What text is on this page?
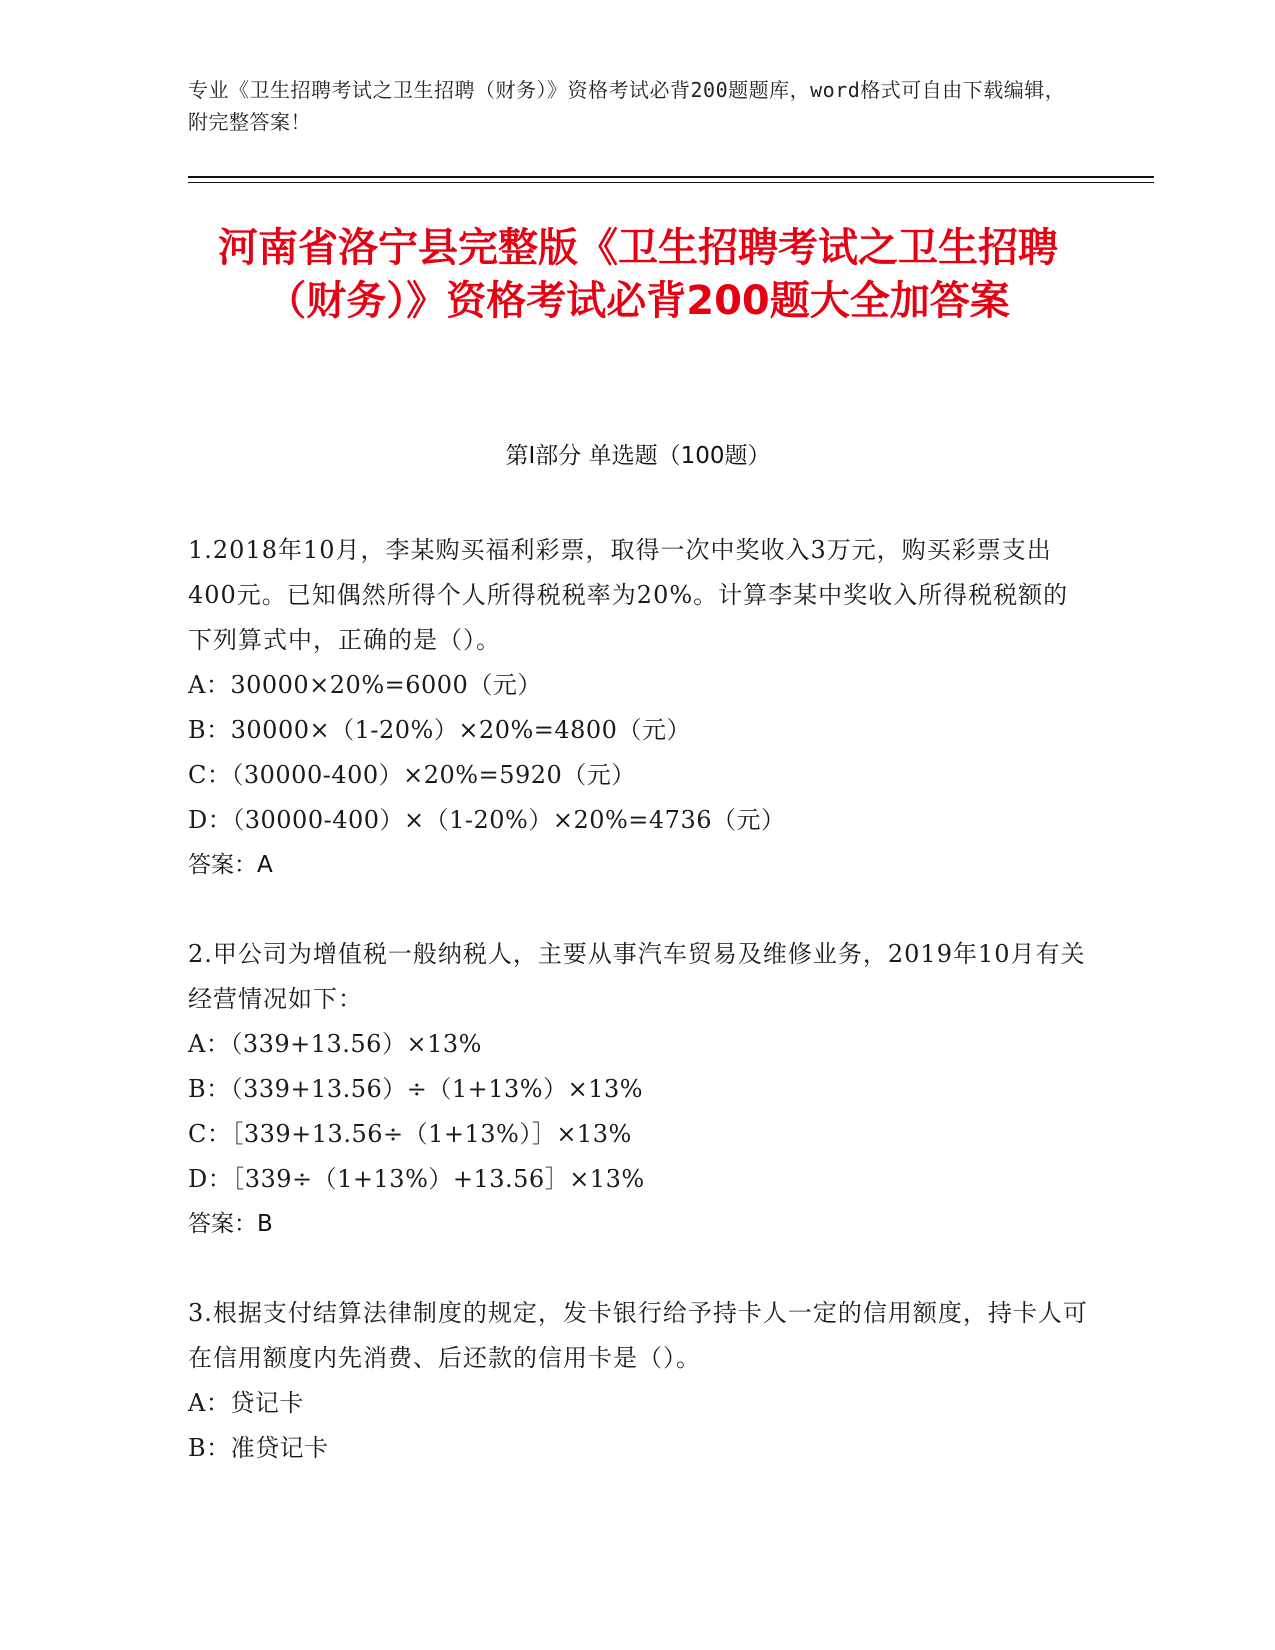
专业《卫生招聘考试之卫生招聘（财务）》资格考试必背200题题库，word格式可自由下载编辑，附完整答案！
河南省洛宁县完整版《卫生招聘考试之卫生招聘（财务）》资格考试必背200题大全加答案
第I部分 单选题（100题）

1.2018年10月，李某购买福利彩票，取得一次中奖收入3万元，购买彩票支出400元。已知偶然所得个人所得税税率为20%。计算李某中奖收入所得税税额的下列算式中，正确的是（）。

A：30000×20%=6000（元）

B：30000×（1-20%）×20%=4800（元）

C：（30000-400）×20%=5920（元）

D：（30000-400）×（1-20%）×20%=4736（元）

答案：A

2.甲公司为增值税一般纳税人，主要从事汽车贸易及维修业务，2019年10月有关经营情况如下：

A：（339+13.56）×13%

B：（339+13.56）÷（1+13%）×13%

C：［339+13.56÷（1+13%）］×13%

D：［339÷（1+13%）+13.56］×13%

答案：B

3.根据支付结算法律制度的规定，发卡银行给予持卡人一定的信用额度，持卡人可在信用额度内先消费、后还款的信用卡是（）。

A：贷记卡

B：准贷记卡
